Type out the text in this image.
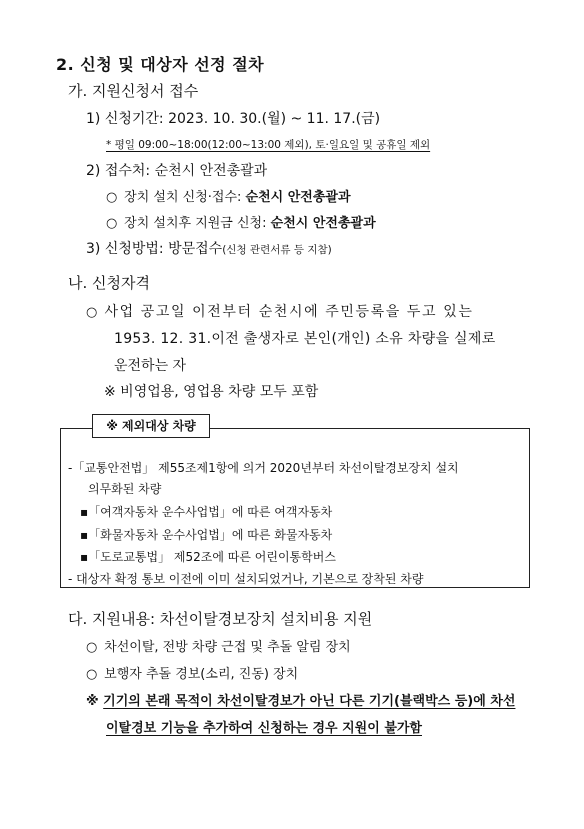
2. 신청 및 대상자 선정 절차
가. 지원신청서 접수
1) 신청기간: 2023. 10. 30.(월) ~ 11. 17.(금)
* 평일 09:00~18:00(12:00~13:00 제외), 토·일요일 및 공휴일 제외
2) 접수처: 순천시 안전총괄과
○ 장치 설치 신청·접수: 순천시 안전총괄과
○ 장치 설치후 지원금 신청: 순천시 안전총괄과
3) 신청방법: 방문접수(신청 관련서류 등 지참)
나. 신청자격
○ 사업 공고일 이전부터 순천시에 주민등록을 두고 있는
1953. 12. 31.이전 출생자로 본인(개인) 소유 차량을 실제로
운전하는 자
※ 비영업용, 영업용 차량 모두 포함
※ 제외대상 차량
-「교통안전법」 제55조제1항에 의거 2020년부터 차선이탈경보장치 설치
의무화된 차량
▪「여객자동차 운수사업법」에 따른 여객자동차
▪「화물자동차 운수사업법」에 따른 화물자동차
▪「도로교통법」 제52조에 따른 어린이통학버스
- 대상자 확정 통보 이전에 이미 설치되었거나, 기본으로 장착된 차량
다. 지원내용: 차선이탈경보장치 설치비용 지원
○ 차선이탈, 전방 차량 근접 및 추돌 알림 장치
○ 보행자 추돌 경보(소리, 진동) 장치
※ 기기의 본래 목적이 차선이탈경보가 아닌 다른 기기(블랙박스 등)에 차선
이탈경보 기능을 추가하여 신청하는 경우 지원이 불가함
